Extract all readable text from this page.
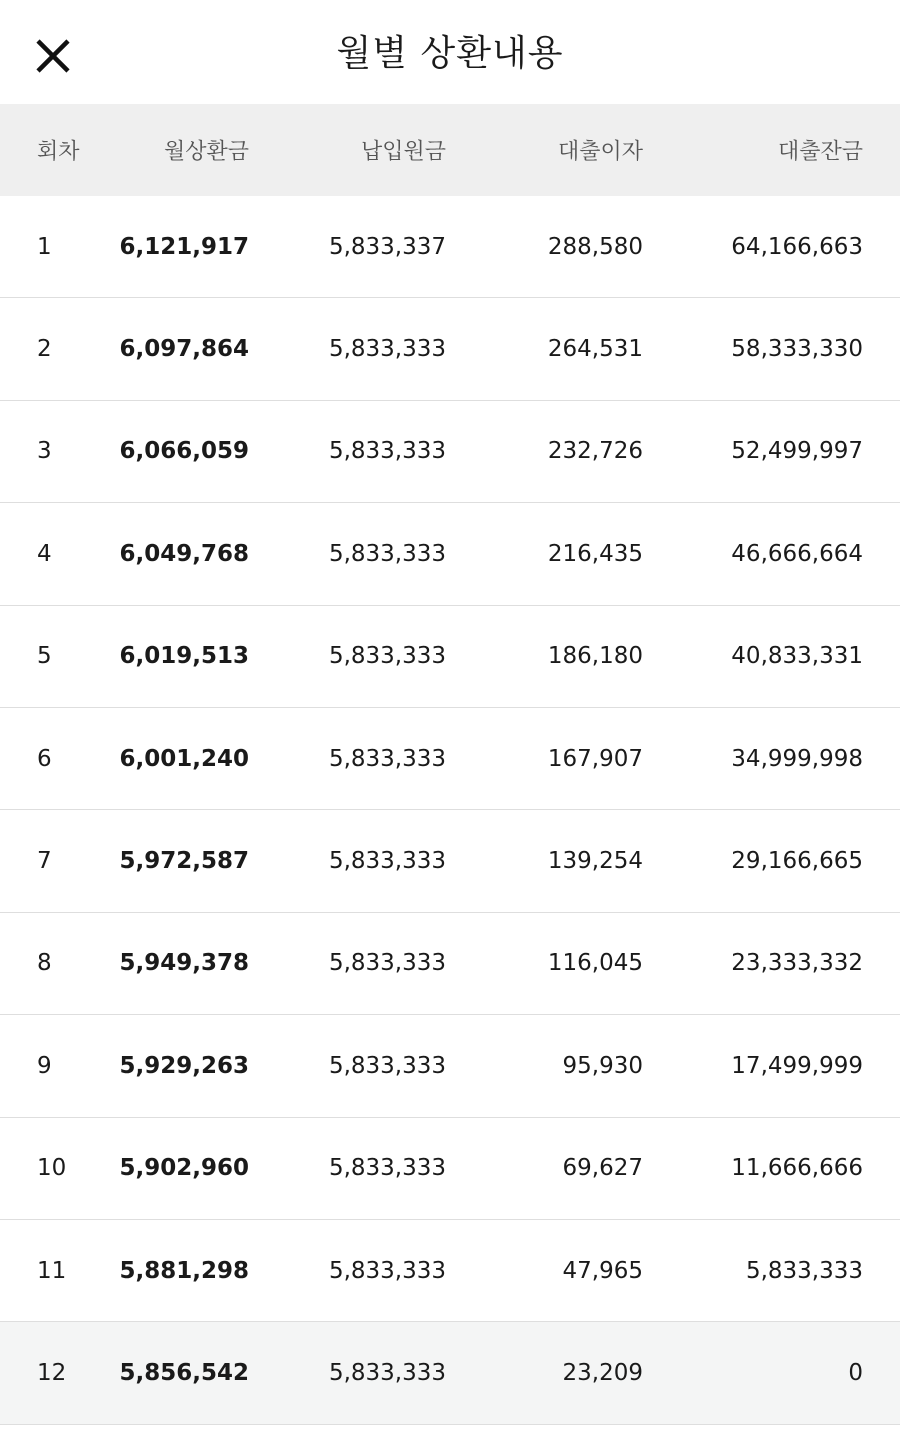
월별 상환내용
회차	월상환금	납입원금	대출이자	대출잔금
1	6,121,917	5,833,337	288,580	64,166,663
2	6,097,864	5,833,333	264,531	58,333,330
3	6,066,059	5,833,333	232,726	52,499,997
4	6,049,768	5,833,333	216,435	46,666,664
5	6,019,513	5,833,333	186,180	40,833,331
6	6,001,240	5,833,333	167,907	34,999,998
7	5,972,587	5,833,333	139,254	29,166,665
8	5,949,378	5,833,333	116,045	23,333,332
9	5,929,263	5,833,333	95,930	17,499,999
10 5,902,960	5,833,333	69,627	11,666,666
11 5,881,298	5,833,333	47,965	5,833,333
12 5,856,542	5,833,333	23,209	0
